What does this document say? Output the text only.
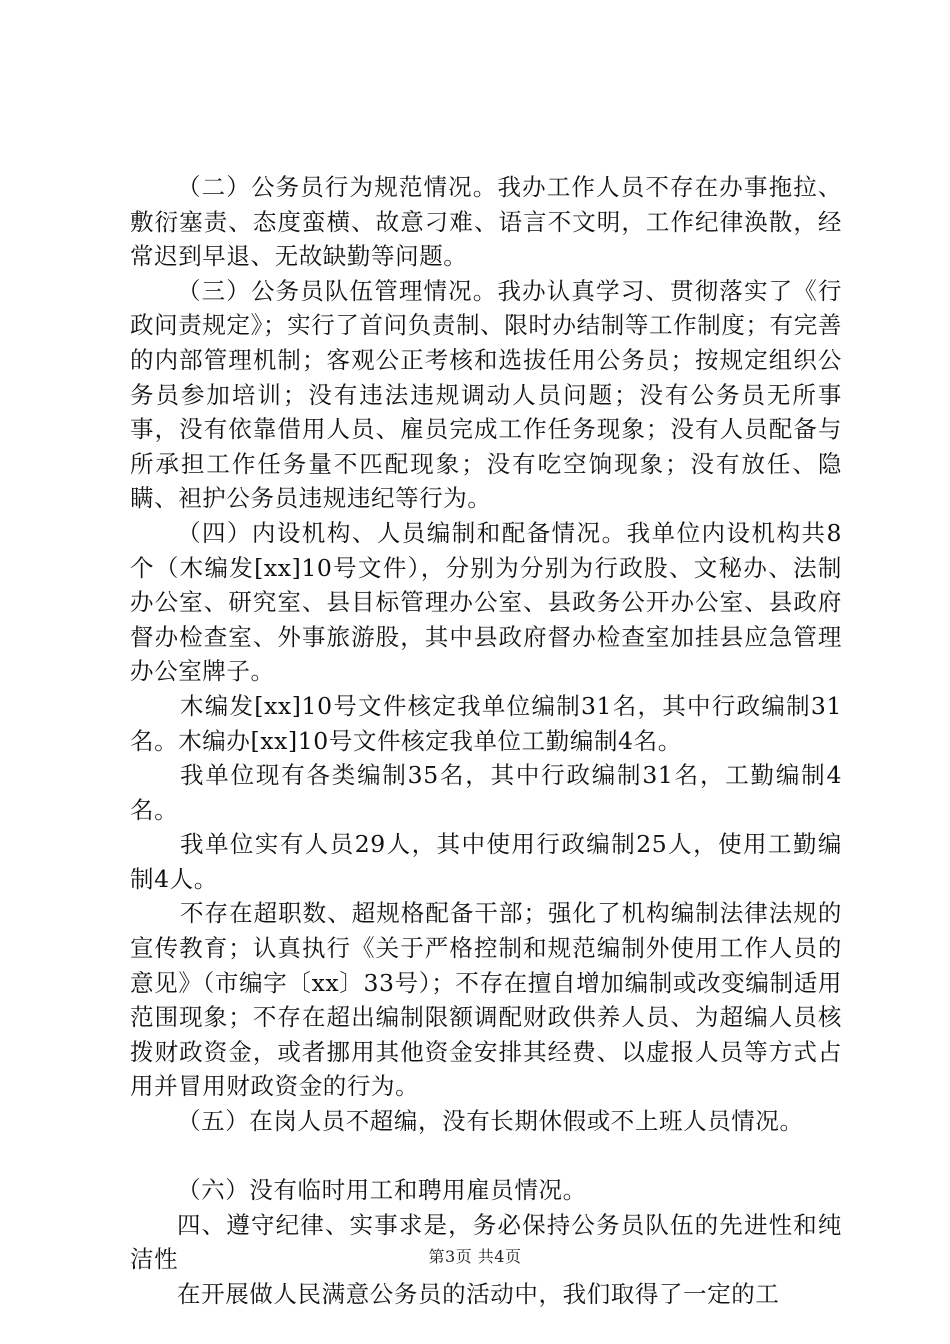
（二）公务员行为规范情况。我办工作人员不存在办事拖拉、敷衍塞责、态度蛮横、故意刁难、语言不文明，工作纪律涣散，经常迟到早退、无故缺勤等问题。

（三）公务员队伍管理情况。我办认真学习、贯彻落实了《行政问责规定》；实行了首问负责制、限时办结制等工作制度；有完善的内部管理机制；客观公正考核和选拔任用公务员；按规定组织公务员参加培训；没有违法违规调动人员问题；没有公务员无所事事，没有依靠借用人员、雇员完成工作任务现象；没有人员配备与所承担工作任务量不匹配现象；没有吃空饷现象；没有放任、隐瞒、袒护公务员违规违纪等行为。

（四）内设机构、人员编制和配备情况。我单位内设机构共8个（木编发[xx]10号文件），分别为分别为行政股、文秘办、法制办公室、研究室、县目标管理办公室、县政务公开办公室、县政府督办检查室、外事旅游股，其中县政府督办检查室加挂县应急管理办公室牌子。

木编发[xx]10号文件核定我单位编制31名，其中行政编制31名。木编办[xx]10号文件核定我单位工勤编制4名。

我单位现有各类编制35名，其中行政编制31名，工勤编制4名。

我单位实有人员29人，其中使用行政编制25人，使用工勤编制4人。

不存在超职数、超规格配备干部；强化了机构编制法律法规的宣传教育；认真执行《关于严格控制和规范编制外使用工作人员的意见》（市编字〔xx〕33号）；不存在擅自增加编制或改变编制适用范围现象；不存在超出编制限额调配财政供养人员、为超编人员核拨财政资金，或者挪用其他资金安排其经费、以虚报人员等方式占用并冒用财政资金的行为。

（五）在岗人员不超编，没有长期休假或不上班人员情况。

（六）没有临时用工和聘用雇员情况。

四、遵守纪律、实事求是，务必保持公务员队伍的先进性和纯洁性

在开展做人民满意公务员的活动中，我们取得了一定的工

第3页 共4页
